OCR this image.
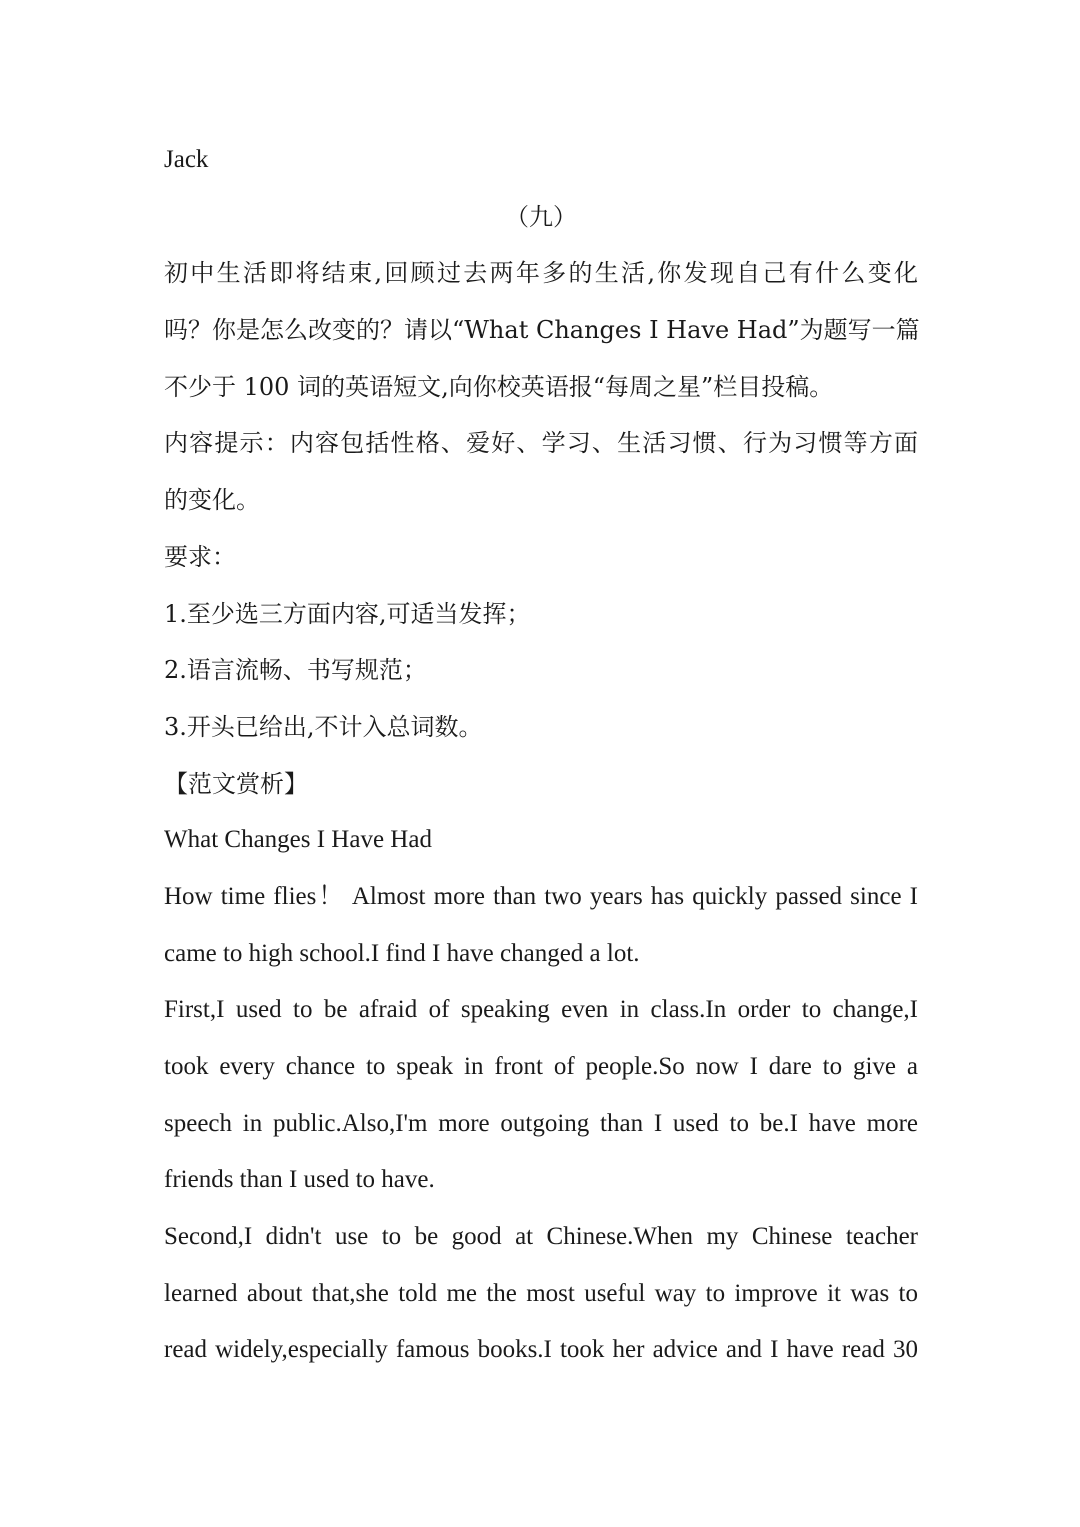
Jack
（九）
初中生活即将结束,回顾过去两年多的生活,你发现自己有什么变化
吗？你是怎么改变的？请以“What Changes I Have Had”为题写一篇
不少于 100 词的英语短文,向你校英语报“每周之星”栏目投稿。
内容提示：内容包括性格、爱好、学习、生活习惯、行为习惯等方面
的变化。
要求：
1.至少选三方面内容,可适当发挥；
2.语言流畅、书写规范；
3.开头已给出,不计入总词数。
【范文赏析】
What Changes I Have Had
How time flies！ Almost more than two years has quickly passed since I
came to high school.I find I have changed a lot.
First,I used to be afraid of speaking even in class.In order to change,I
took every chance to speak in front of people.So now I dare to give a
speech in public.Also,I'm more outgoing than I used to be.I have more
friends than I used to have.
Second,I didn't use to be good at Chinese.When my Chinese teacher
learned about that,she told me the most useful way to improve it was to
read widely,especially famous books.I took her advice and I have read 30
